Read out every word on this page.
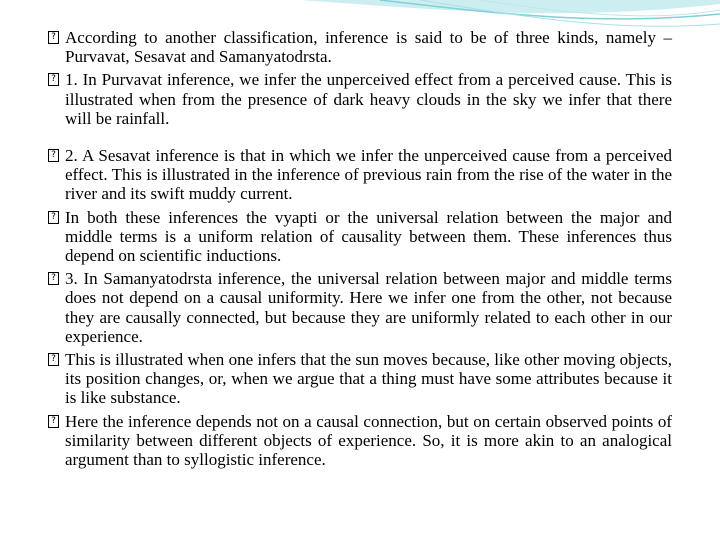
? According to another classification, inference is said to be of three kinds, namely – Purvavat, Sesavat and Samanyatodrsta.

? 1. In Purvavat inference, we infer the unperceived effect from a perceived cause. This is illustrated when from the presence of dark heavy clouds in the sky we infer that there will be rainfall.

? 2. A Sesavat inference is that in which we infer the unperceived cause from a perceived effect. This is illustrated in the inference of previous rain from the rise of the water in the river and its swift muddy current.

? In both these inferences the vyapti or the universal relation between the major and middle terms is a uniform relation of causality between them. These inferences thus depend on scientific inductions.

? 3. In Samanyatodrsta inference, the universal relation between major and middle terms does not depend on a causal uniformity. Here we infer one from the other, not because they are causally connected, but because they are uniformly related to each other in our experience.

? This is illustrated when one infers that the sun moves because, like other moving objects, its position changes, or, when we argue that a thing must have some attributes because it is like substance.

? Here the inference depends not on a causal connection, but on certain observed points of similarity between different objects of experience. So, it is more akin to an analogical argument than to syllogistic inference.
